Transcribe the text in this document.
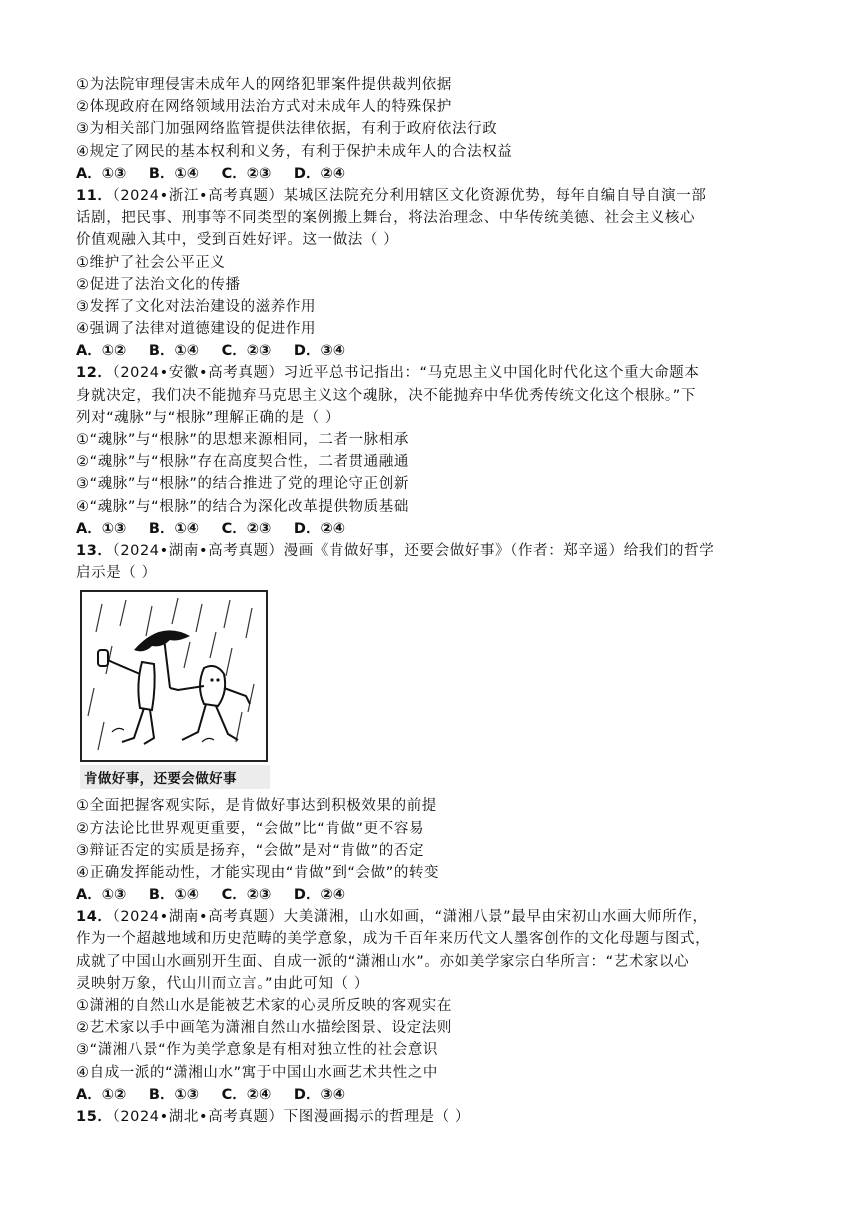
①为法院审理侵害未成年人的网络犯罪案件提供裁判依据
②体现政府在网络领域用法治方式对未成年人的特殊保护
③为相关部门加强网络监管提供法律依据，有利于政府依法行政
④规定了网民的基本权利和义务，有利于保护未成年人的合法权益
A．①③ B．①④ C．②③ D．②④
11．（2024•浙江•高考真题）某城区法院充分利用辖区文化资源优势，每年自编自导自演一部
话剧，把民事、刑事等不同类型的案例搬上舞台，将法治理念、中华传统美德、社会主义核心
价值观融入其中，受到百姓好评。这一做法（ ）
①维护了社会公平正义
②促进了法治文化的传播
③发挥了文化对法治建设的滋养作用
④强调了法律对道德建设的促进作用
A．①② B．①④ C．②③ D．③④
12．（2024•安徽•高考真题）习近平总书记指出：“马克思主义中国化时代化这个重大命题本
身就决定，我们决不能抛弃马克思主义这个魂脉，决不能抛弃中华优秀传统文化这个根脉。”下
列对“魂脉”与“根脉”理解正确的是（ ）
①“魂脉”与“根脉”的思想来源相同，二者一脉相承
②“魂脉”与“根脉”存在高度契合性，二者贯通融通
③“魂脉”与“根脉”的结合推进了党的理论守正创新
④“魂脉”与“根脉”的结合为深化改革提供物质基础
A．①③ B．①④ C．②③ D．②④
13．（2024•湖南•高考真题）漫画《肯做好事，还要会做好事》（作者：郑辛遥）给我们的哲学
启示是（ ）
肯做好事，还要会做好事
①全面把握客观实际，是肯做好事达到积极效果的前提
②方法论比世界观更重要，“会做”比“肯做”更不容易
③辩证否定的实质是扬弃，“会做”是对“肯做”的否定
④正确发挥能动性，才能实现由“肯做”到“会做”的转变
A．①③ B．①④ C．②③ D．②④
14．（2024•湖南•高考真题）大美潇湘，山水如画，“潇湘八景”最早由宋初山水画大师所作，
作为一个超越地域和历史范畴的美学意象，成为千百年来历代文人墨客创作的文化母题与图式，
成就了中国山水画别开生面、自成一派的“潇湘山水”。亦如美学家宗白华所言：“艺术家以心
灵映射万象，代山川而立言。”由此可知（ ）
①潇湘的自然山水是能被艺术家的心灵所反映的客观实在
②艺术家以手中画笔为潇湘自然山水描绘图景、设定法则
③“潇湘八景“作为美学意象是有相对独立性的社会意识
④自成一派的“潇湘山水”寓于中国山水画艺术共性之中
A．①② B．①③ C．②④ D．③④
15．（2024•湖北•高考真题）下图漫画揭示的哲理是（ ）
